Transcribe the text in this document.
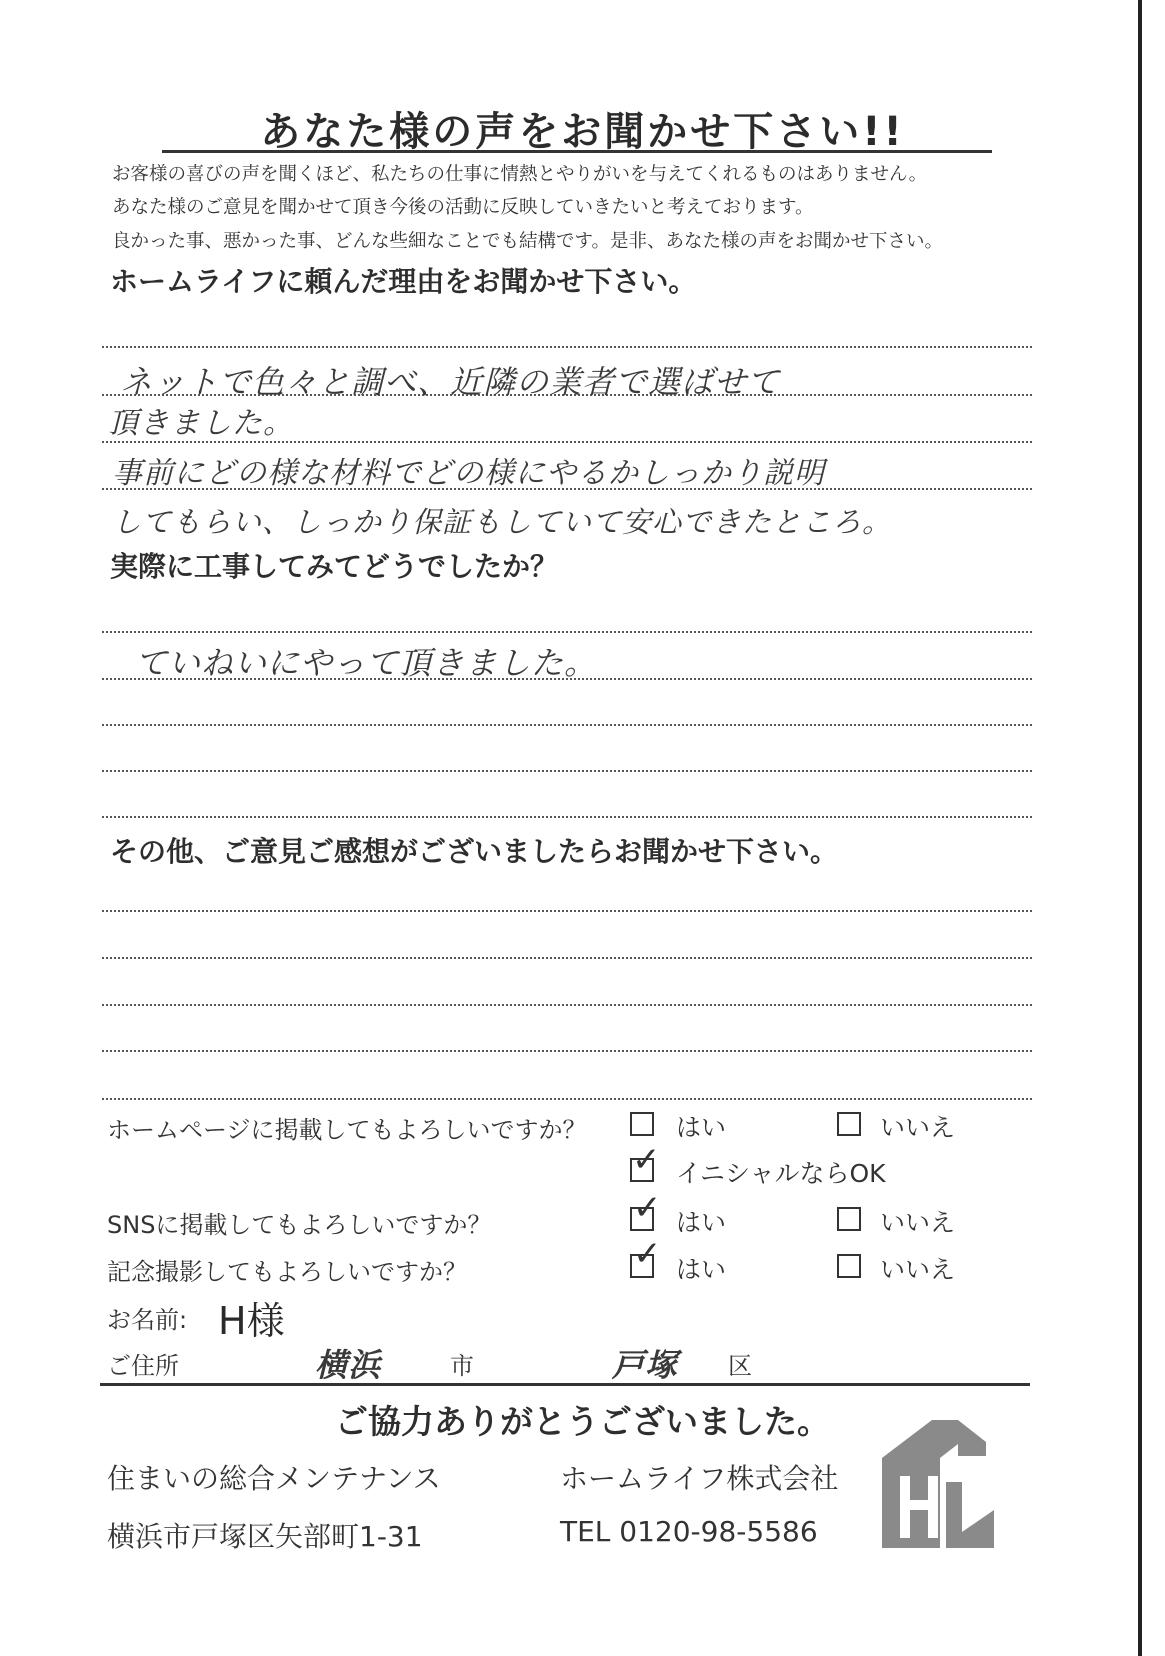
あなた様の声をお聞かせ下さい!!
お客様の喜びの声を聞くほど、私たちの仕事に情熱とやりがいを与えてくれるものはありません。
あなた様のご意見を聞かせて頂き今後の活動に反映していきたいと考えております。
良かった事、悪かった事、どんな些細なことでも結構です。是非、あなた様の声をお聞かせ下さい。
ホームライフに頼んだ理由をお聞かせ下さい。
ネットで色々と調べ、近隣の業者で選ばせて
頂きました。
事前にどの様な材料でどの様にやるかしっかり説明
してもらい、しっかり保証もしていて安心できたところ。
実際に工事してみてどうでしたか？
ていねいにやって頂きました。
その他、ご意見ご感想がございましたらお聞かせ下さい。
ホームページに掲載してもよろしいですか？	はい	いいえ
✓ イニシャルならOK
SNSに掲載してもよろしいですか？	✓ はい	いいえ
記念撮影してもよろしいですか？	✓ はい	いいえ
お名前: H様
ご住所	横浜	市	戸塚 区
ご協力ありがとうございました。
住まいの総合メンテナンス	ホームライフ株式会社
横浜市戸塚区矢部町1-31	TEL 0120-98-5586
